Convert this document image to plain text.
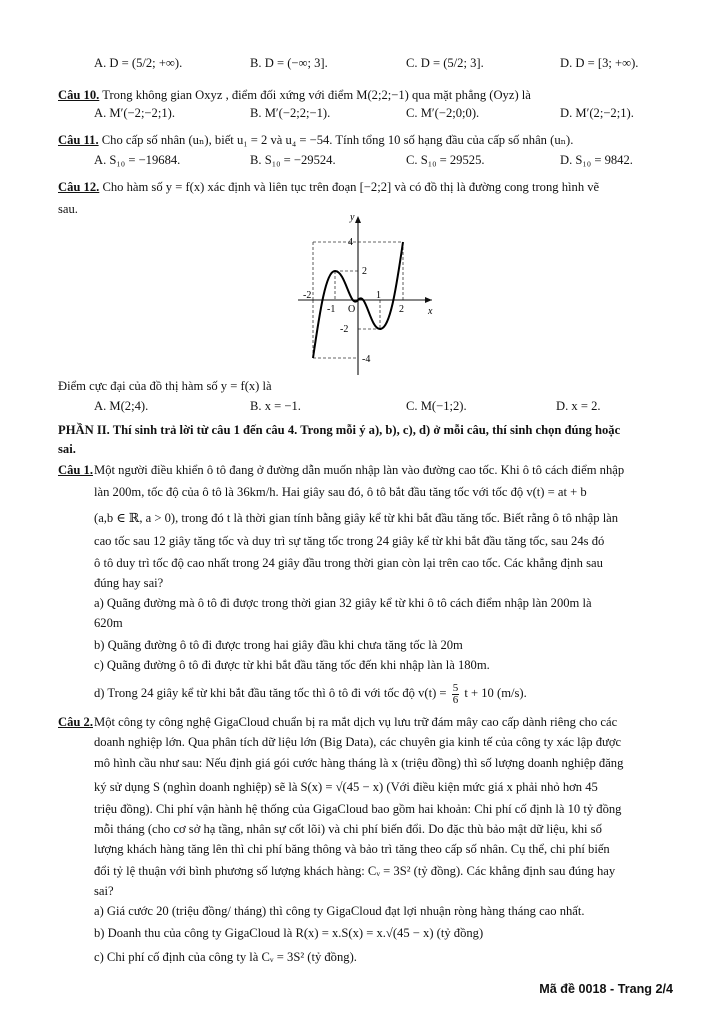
A. D = (5/2; +∞).	B. D = (−∞; 3].	C. D = (5/2; 3].	D. D = [3; +∞).
Câu 10. Trong không gian Oxyz , điểm đối xứng với điểm M(2;2;−1) qua mặt phẳng (Oyz) là
A. M′(−2;−2;1).	B. M′(−2;2;−1).	C. M′(−2;0;0).	D. M′(2;−2;1).
Câu 11. Cho cấp số nhân (uₙ), biết u₁ = 2 và u₄ = −54. Tính tổng 10 số hạng đầu của cấp số nhân (uₙ).
A. S₁₀ = −19684.	B. S₁₀ = −29524.	C. S₁₀ = 29525.	D. S₁₀ = 9842.
Câu 12. Cho hàm số y = f(x) xác định và liên tục trên đoạn [−2;2] và có đồ thị là đường cong trong hình vẽ
sau.
y
x
4
2
-2
-1 O
1
2
-2
-4
Điểm cực đại của đồ thị hàm số y = f(x) là
A. M(2;4).	B. x = −1.	C. M(−1;2).	D. x = 2.
PHẦN II. Thí sinh trả lời từ câu 1 đến câu 4. Trong mỗi ý a), b), c), d) ở mỗi câu, thí sinh chọn đúng hoặc
sai.
Câu 1. Một người điều khiển ô tô đang ở đường dẫn muốn nhập làn vào đường cao tốc. Khi ô tô cách điểm nhập
làn 200m, tốc độ của ô tô là 36km/h. Hai giây sau đó, ô tô bắt đầu tăng tốc với tốc độ v(t) = at + b
(a,b ∈ ℝ, a > 0), trong đó t là thời gian tính bằng giây kể từ khi bắt đầu tăng tốc. Biết rằng ô tô nhập làn
cao tốc sau 12 giây tăng tốc và duy trì sự tăng tốc trong 24 giây kể từ khi bắt đầu tăng tốc, sau 24s đó
ô tô duy trì tốc độ cao nhất trong 24 giây đầu trong thời gian còn lại trên cao tốc. Các khẳng định sau
đúng hay sai?
a) Quãng đường mà ô tô đi được trong thời gian 32 giây kể từ khi ô tô cách điểm nhập làn 200m là
620m
b) Quãng đường ô tô đi được trong hai giây đầu khi chưa tăng tốc là 20m
c) Quãng đường ô tô đi được từ khi bắt đầu tăng tốc đến khi nhập làn là 180m.
d) Trong 24 giây kể từ khi bắt đầu tăng tốc thì ô tô đi với tốc độ $v(t) = \frac{5}{6}$ t + 10 (m/s).
Câu 2. Một công ty công nghệ GigaCloud chuẩn bị ra mắt dịch vụ lưu trữ đám mây cao cấp dành riêng cho các
doanh nghiệp lớn. Qua phân tích dữ liệu lớn (Big Data), các chuyên gia kinh tế của công ty xác lập được
mô hình cầu như sau: Nếu định giá gói cước hàng tháng là x (triệu đồng) thì số lượng doanh nghiệp đăng
ký sử dụng S (nghìn doanh nghiệp) sẽ là S(x) = √(45 − x) (Với điều kiện mức giá x phải nhỏ hơn 45
triệu đồng). Chi phí vận hành hệ thống của GigaCloud bao gồm hai khoản: Chi phí cố định là 10 tỷ đồng
mỗi tháng (cho cơ sở hạ tầng, nhân sự cốt lõi) và chi phí biến đổi. Do đặc thù bảo mật dữ liệu, khi số
lượng khách hàng tăng lên thì chi phí băng thông và bảo trì tăng theo cấp số nhân. Cụ thể, chi phí biến
đổi tỷ lệ thuận với bình phương số lượng khách hàng: Cᵥ = 3S² (tỷ đồng). Các khẳng định sau đúng hay
sai?
a) Giá cước 20 (triệu đồng/ tháng) thì công ty GigaCloud đạt lợi nhuận ròng hàng tháng cao nhất.
b) Doanh thu của công ty GigaCloud là R(x) = x.S(x) = x.√(45 − x) (tỷ đồng)
c) Chi phí cố định của công ty là Cᵥ = 3S² (tỷ đồng).
Mã đề 0018 - Trang 2/4
